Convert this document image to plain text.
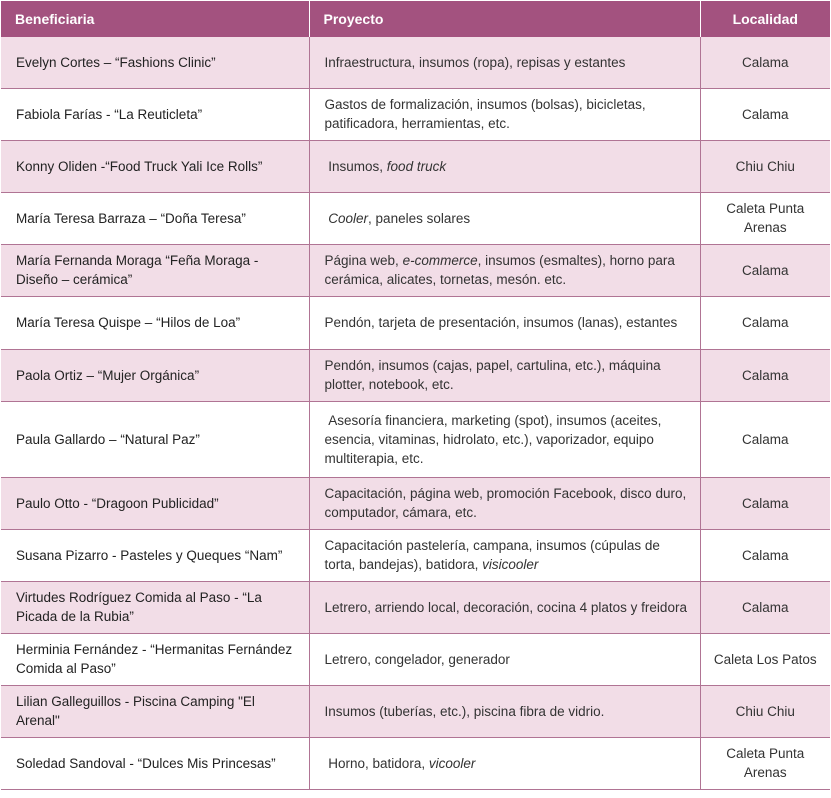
Beneficiaria	Proyecto	Localidad
Evelyn Cortes – “Fashions Clinic”	Infraestructura, insumos (ropa), repisas y estantes	Calama
Fabiola Farías - “La Reuticleta”	Gastos de formalización, insumos (bolsas), bicicletas, patificadora, herramientas, etc.	Calama
Konny Oliden -“Food Truck Yali Ice Rolls”	Insumos, food truck	Chiu Chiu
María Teresa Barraza – “Doña Teresa”	Cooler, paneles solares	Caleta Punta Arenas
María Fernanda Moraga “Feña Moraga - Diseño – cerámica”	Página web, e-commerce, insumos (esmaltes), horno para cerámica, alicates, tornetas, mesón. etc.	Calama
María Teresa Quispe – “Hilos de Loa”	Pendón, tarjeta de presentación, insumos (lanas), estantes	Calama
Paola Ortiz – “Mujer Orgánica”	Pendón, insumos (cajas, papel, cartulina, etc.), máquina plotter, notebook, etc.	Calama
Paula Gallardo – “Natural Paz”	Asesoría financiera, marketing (spot), insumos (aceites, esencia, vitaminas, hidrolato, etc.), vaporizador, equipo multiterapia, etc.	Calama
Paulo Otto - “Dragoon Publicidad”	Capacitación, página web, promoción Facebook, disco duro, computador, cámara, etc.	Calama
Susana Pizarro - Pasteles y Queques “Nam”	Capacitación pastelería, campana, insumos (cúpulas de torta, bandejas), batidora, visicooler	Calama
Virtudes Rodríguez Comida al Paso - “La Picada de la Rubia”	Letrero, arriendo local, decoración, cocina 4 platos y freidora	Calama
Herminia Fernández - “Hermanitas Fernández Comida al Paso”	Letrero, congelador, generador	Caleta Los Patos
Lilian Galleguillos - Piscina Camping "El Arenal"	Insumos (tuberías, etc.), piscina fibra de vidrio.	Chiu Chiu
Soledad Sandoval - “Dulces Mis Princesas”	Horno, batidora, vicooler	Caleta Punta Arenas
